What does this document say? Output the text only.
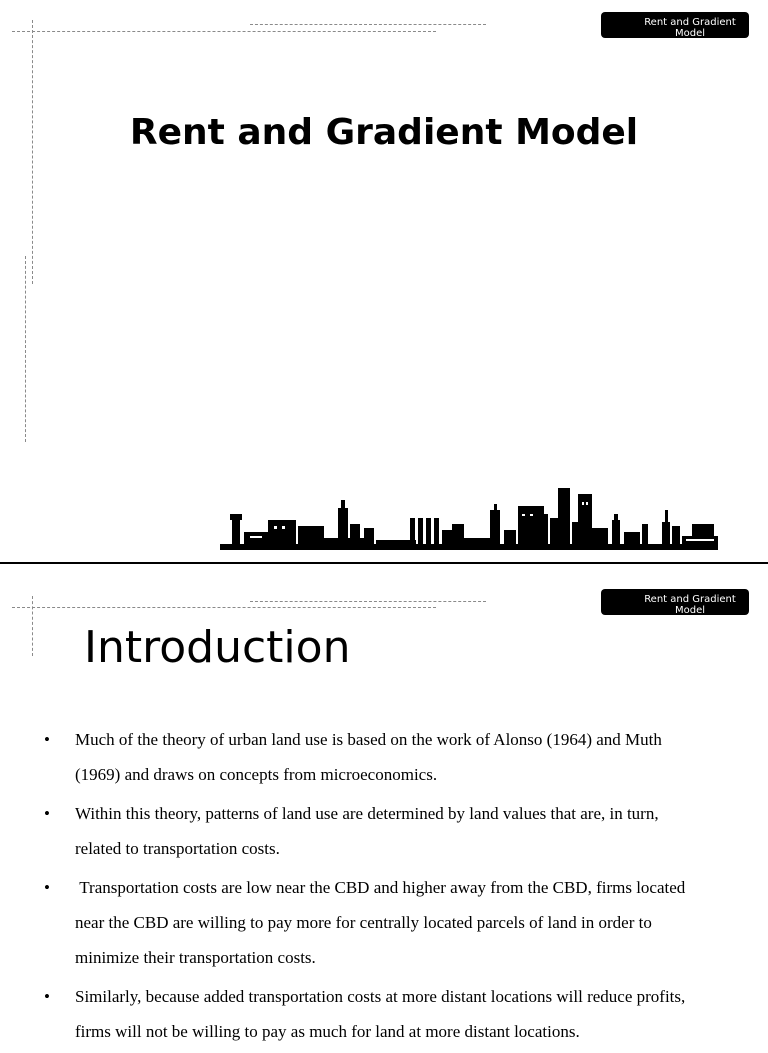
Rent and Gradient Model
Rent and Gradient Model
Rent and Gradient Model
Introduction
• Much of the theory of urban land use is based on the work of Alonso (1964) and Muth (1969) and draws on concepts from microeconomics.
• Within this theory, patterns of land use are determined by land values that are, in turn, related to transportation costs.
• Transportation costs are low near the CBD and higher away from the CBD, firms located near the CBD are willing to pay more for centrally located parcels of land in order to minimize their transportation costs.
• Similarly, because added transportation costs at more distant locations will reduce profits, firms will not be willing to pay as much for land at more distant locations.
